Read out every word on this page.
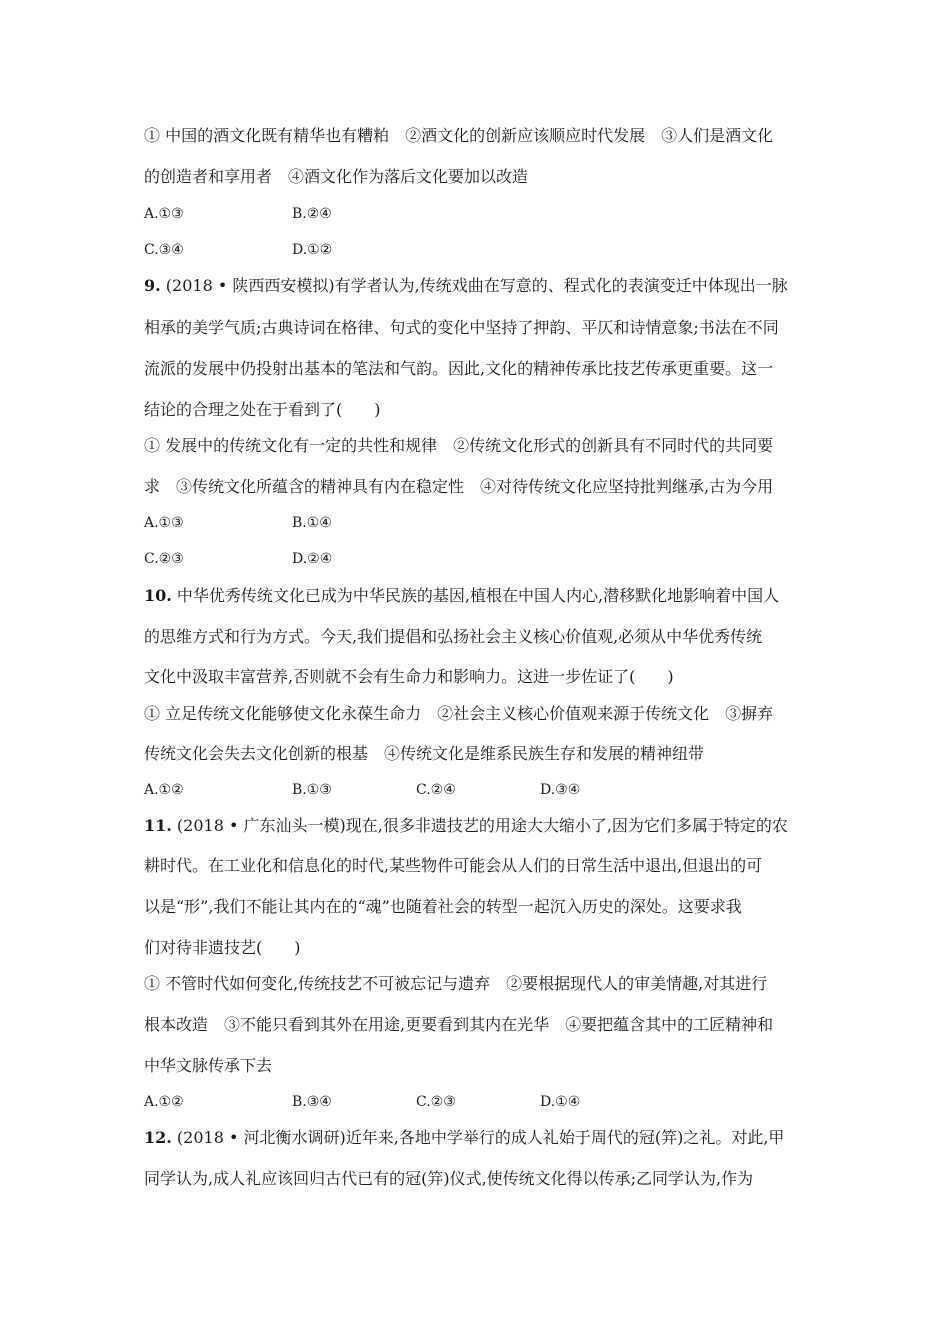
① 中国的酒文化既有精华也有糟粕　②酒文化的创新应该顺应时代发展　③人们是酒文化

的创造者和享用者　④酒文化作为落后文化要加以改造

A.①③	B.②④
C.③④	D.①②

9. (2018 • 陕西西安模拟)有学者认为,传统戏曲在写意的、程式化的表演变迁中体现出一脉

相承的美学气质;古典诗词在格律、句式的变化中坚持了押韵、平仄和诗情意象;书法在不同

流派的发展中仍投射出基本的笔法和气韵。因此,文化的精神传承比技艺传承更重要。这一

结论的合理之处在于看到了(　　)

① 发展中的传统文化有一定的共性和规律　②传统文化形式的创新具有不同时代的共同要

求　③传统文化所蕴含的精神具有内在稳定性　④对待传统文化应坚持批判继承,古为今用

A.①③	B.①④
C.②③	D.②④

10. 中华优秀传统文化已成为中华民族的基因,植根在中国人内心,潜移默化地影响着中国人

的思维方式和行为方式。今天,我们提倡和弘扬社会主义核心价值观,必须从中华优秀传统

文化中汲取丰富营养,否则就不会有生命力和影响力。这进一步佐证了(　　)

① 立足传统文化能够使文化永葆生命力　②社会主义核心价值观来源于传统文化　③摒弃

传统文化会失去文化创新的根基　④传统文化是维系民族生存和发展的精神纽带

A.①②	B.①③	C.②④	D.③④

11. (2018 • 广东汕头一模)现在,很多非遗技艺的用途大大缩小了,因为它们多属于特定的农

耕时代。在工业化和信息化的时代,某些物件可能会从人们的日常生活中退出,但退出的可

以是“形”,我们不能让其内在的“魂”也随着社会的转型一起沉入历史的深处。这要求我

们对待非遗技艺(　　)

① 不管时代如何变化,传统技艺不可被忘记与遗弃　②要根据现代人的审美情趣,对其进行

根本改造　③不能只看到其外在用途,更要看到其内在光华　④要把蕴含其中的工匠精神和

中华文脉传承下去

A.①②	B.③④	C.②③	D.①④

12. (2018 • 河北衡水调研)近年来,各地中学举行的成人礼始于周代的冠(笄)之礼。对此,甲

同学认为,成人礼应该回归古代已有的冠(笄)仪式,使传统文化得以传承;乙同学认为,作为
